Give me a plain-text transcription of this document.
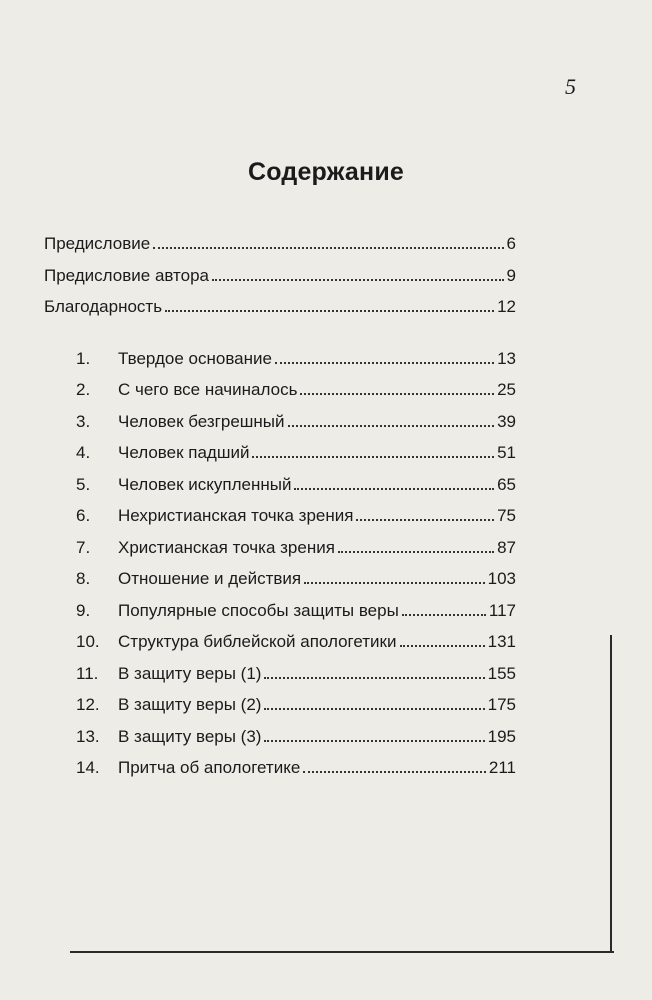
5
Содержание
Предисловие	6
Предисловие автора	9
Благодарность	12
1.	Твердое основание	13
2.	С чего все начиналось	25
3.	Человек безгрешный	39
4.	Человек падший	51
5.	Человек искупленный	65
6.	Нехристианская точка зрения	75
7.	Христианская точка зрения	87
8.	Отношение и действия	103
9.	Популярные способы защиты веры	117
10.	Структура библейской апологетики	131
11.	В защиту веры (1)	155
12.	В защиту веры (2)	175
13.	В защиту веры (3)	195
14.	Притча об апологетике	211
